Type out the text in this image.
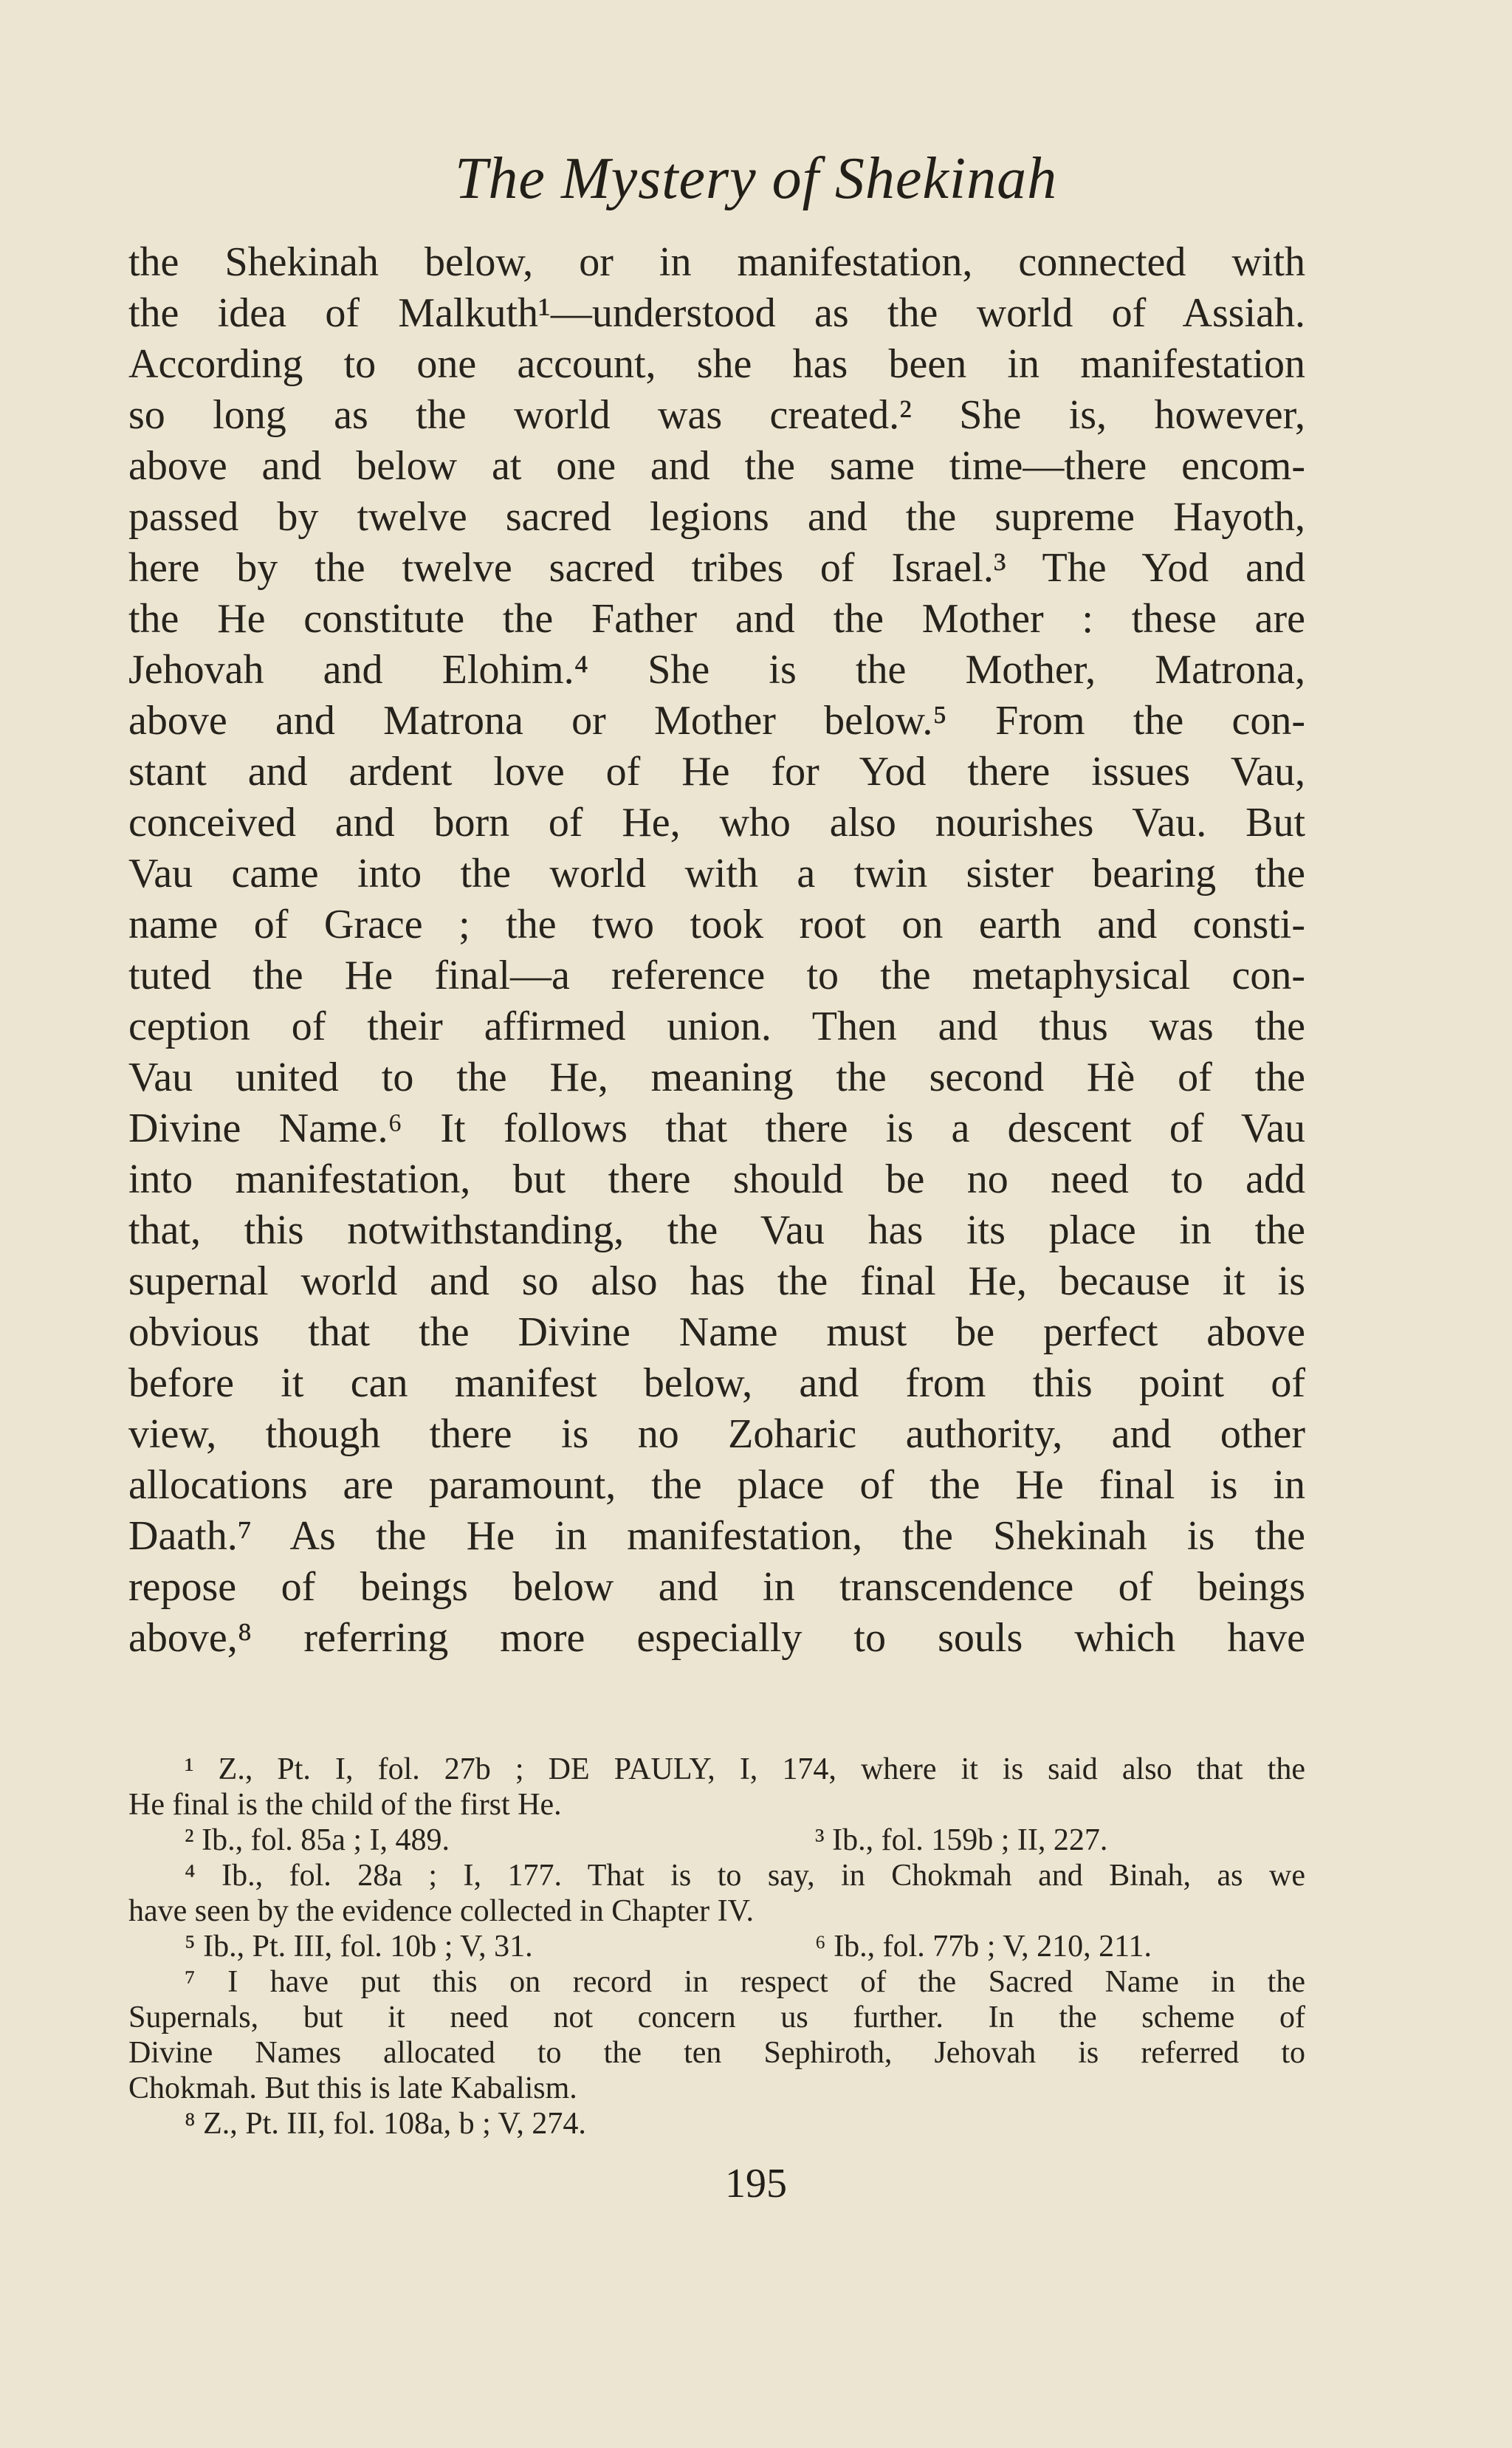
The Mystery of Shekinah
the Shekinah below, or in manifestation, connected with
the idea of Malkuth¹—understood as the world of Assiah.
According to one account, she has been in manifestation
so long as the world was created.² She is, however,
above and below at one and the same time—there encom-
passed by twelve sacred legions and the supreme Hayoth,
here by the twelve sacred tribes of Israel.³ The Yod and
the He constitute the Father and the Mother : these are
Jehovah and Elohim.⁴ She is the Mother, Matrona,
above and Matrona or Mother below.⁵ From the con-
stant and ardent love of He for Yod there issues Vau,
conceived and born of He, who also nourishes Vau. But
Vau came into the world with a twin sister bearing the
name of Grace ; the two took root on earth and consti-
tuted the He final—a reference to the metaphysical con-
ception of their affirmed union. Then and thus was the
Vau united to the He, meaning the second Hè of the
Divine Name.⁶ It follows that there is a descent of Vau
into manifestation, but there should be no need to add
that, this notwithstanding, the Vau has its place in the
supernal world and so also has the final He, because it is
obvious that the Divine Name must be perfect above
before it can manifest below, and from this point of
view, though there is no Zoharic authority, and other
allocations are paramount, the place of the He final is in
Daath.⁷ As the He in manifestation, the Shekinah is the
repose of beings below and in transcendence of beings
above,⁸ referring more especially to souls which have
¹ Z., Pt. I, fol. 27b ; DE PAULY, I, 174, where it is said also that the
He final is the child of the first He.
² Ib., fol. 85a ; I, 489.	³ Ib., fol. 159b ; II, 227.
⁴ Ib., fol. 28a ; I, 177. That is to say, in Chokmah and Binah, as we
have seen by the evidence collected in Chapter IV.
⁵ Ib., Pt. III, fol. 10b ; V, 31.	⁶ Ib., fol. 77b ; V, 210, 211.
⁷ I have put this on record in respect of the Sacred Name in the
Supernals, but it need not concern us further. In the scheme of
Divine Names allocated to the ten Sephiroth, Jehovah is referred to
Chokmah. But this is late Kabalism.
⁸ Z., Pt. III, fol. 108a, b ; V, 274.
195
